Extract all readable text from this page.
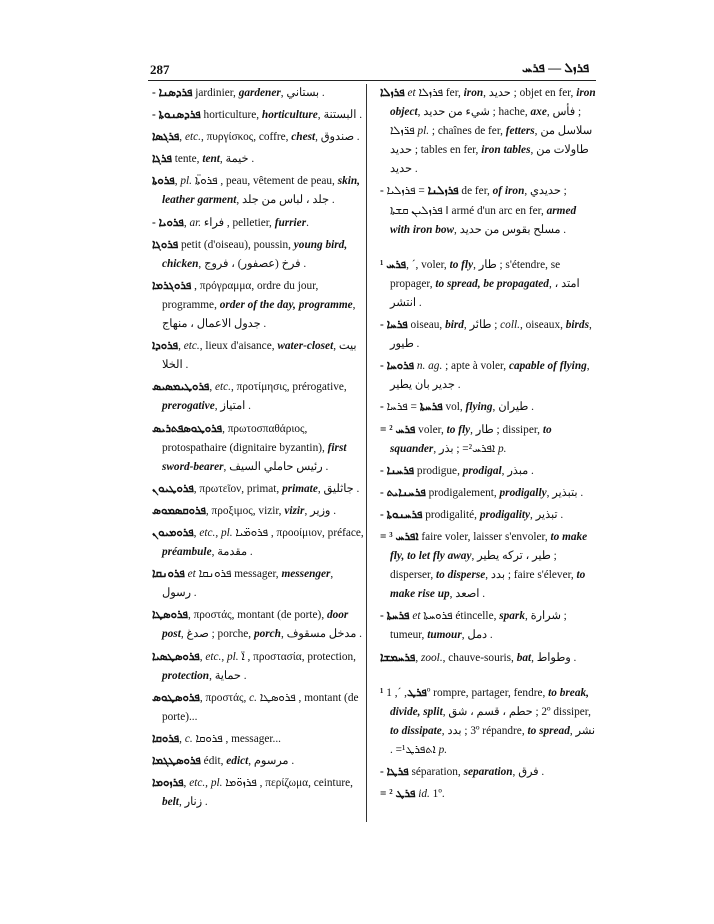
287	ܦܪܙܠ — ܦܪܚ

- ܦܪܕܣܢܐ jardinier, gardener, بستاني .

- ܦܪܕܣܢܘܬܐ horticulture, horticulture, البستنة .

ܦܪܓܣܐ, etc., πυργίσκος, coffre, chest, صندوق .

ܦܪܓܐ tente, tent, خيمة .

ܦܪܘܬܐ, pl. ܦܪܘܬ̈ܐ , peau, vêtement de peau, skin, leather garment, جلد ، لباس من جلد .

- ܦܪܘܝܐ, ar. فراء , pelletier, furrier.

ܦܪܘܓܐ petit (d'oiseau), poussin, young bird, chicken, فرخ (عصفور) ، فروج .

ܦܪܘܓܪܡܐ , πρόγραμμα, ordre du jour, programme, order of the day, programme, جدول الاعمال ، منهاج .

ܦܪܘܕܐ, etc., lieux d'aisance, water-closet, بيت الخلا .

ܦܪܘܛܝܡܣܝܣ, etc., προτίμησις, prérogative, prerogative, امتياز .

ܦܪܘܛܘܣܦܬܪܝܣ, πρωτοσπαθάριος, protospathaire (dignitaire byzantin), first sword-bearer, رئيس حاملي السيف .

ܦܪܘܛܝܘܢ, πρωτεῖον, primat, primate, جاثليق .

ܦܪܘܩܣܡܘܣ, προξιμος, vizir, vizir, وزير .

ܦܪܘܡܝܘܢ, etc., pl. ܦܪܘܡ̈ܝܐ , προοίμιον, préface, préambule, مقدمة .

ܦܪܘܢܩܐ et ܦܪܘܢܩܐ messager, messenger, رسول .

ܦܪܘܣܛܐ, προστάς, montant (de porte), door post, صدغ ; porche, porch, مدخل مسقوف .

ܦܪܘܣܛܣܝܐ, etc., pl. ܐ̈ , προστασία, protection, protection, حماية .

ܦܪܘܣܛܘܣ, προστάς, c. ܦܪܘܣܛܐ , montant (de porte)...

ܦܪܘܩܐ, c. ܦܪܘܩܐ , messager...

ܦܪܘܣܛܓܡܐ édit, edict, مرسوم .

ܦܪܙܘܡܐ, etc., pl. ܦܪܙܘ̈ܡܐ , περίζωμα, ceinture, belt, زنار .

ܦܪܙܠܐ et ܦܪܙܠܐ fer, iron, حديد ; objet en fer, iron object, شيء من حديد ; hache, axe, فأس ; ܦܪ̈ܙܠܐ pl. ; chaînes de fer, fetters, سلاسل من حديد ; tables en fer, iron tables, طاولات من حديد .

- ܦܪܙܠܢܐ = ܦܪܙܠܝܐ de fer, of iron, حديدي ; ܦܪܙܠܝܢ ܩܫܬܐ ‖ armé d'un arc en fer, armed with iron bow, مسلح بقوس من حديد .

¹ ܦܪܚ, ´, voler, to fly, طار ; s'étendre, se propager, to spread, be propagated, امتد ، انتشر .

- ܦܪܚܐ oiseau, bird, طائر ; coll., oiseaux, birds, طيور .

- ܦܪܘܚܐ n. ag. ; apte à voler, capable of flying, جدير بان يطير .

- ܦܪܚܬܐ = ܦܪܚܐ vol, flying, طيران .

= ² ܦܪܚ voler, to fly, طار ; dissiper, to squander, بذر ; =²ܐܦܪܚ p.

- ܦܪܚܢܐ prodigue, prodigal, مبذر .

- ܦܪܚܢܐܝܬ prodigalement, prodigally, بتبذير .

- ܦܪܚܢܘܬܐ prodigalité, prodigality, تبذير .

= ³ ܐܦܪܚ faire voler, laisser s'envoler, to make fly, to let fly away, طير ، تركه يطير ; disperser, to disperse, بدد ; faire s'élever, to make rise up, اصعد .

- ܦܪܚܬܐ et ܦܪܘܚܬܐ étincelle, spark, شرارة ; tumeur, tumour, دمل .

ܦܪܚܡܫܐ, zool., chauve-souris, bat, وطواط .

¹ ܦܪܛ, ´, 1º rompre, partager, fendre, to break, divide, split, حطم ، قسم ، شق ; 2º dissiper, to dissipate, بدد ; 3º répandre, to spread, نشر . =¹ܐܬܦܪܛ p.

- ܦܪܛܐ séparation, separation, فرق .

= ² ܦܪܛ id. 1º.
